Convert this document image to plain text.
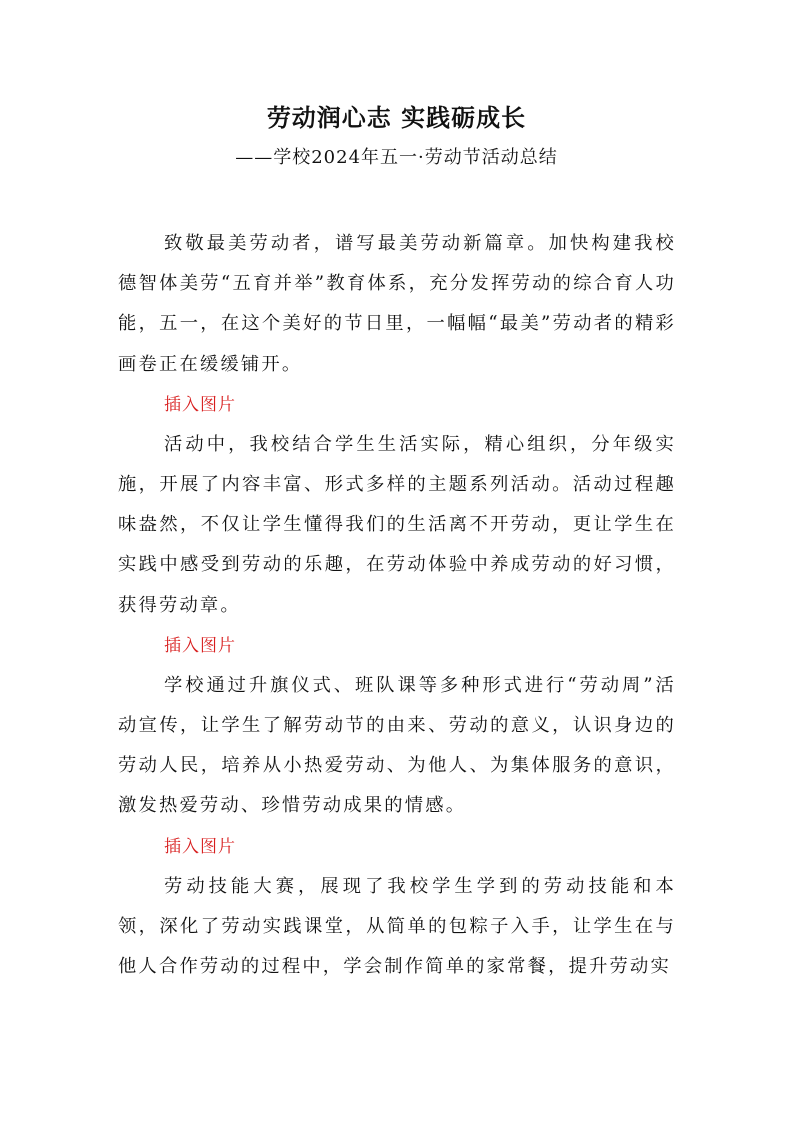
劳动润心志 实践砺成长
——学校2024年五一·劳动节活动总结

致敬最美劳动者，谱写最美劳动新篇章。加快构建我校德智体美劳“五育并举”教育体系，充分发挥劳动的综合育人功能，五一，在这个美好的节日里，一幅幅“最美”劳动者的精彩画卷正在缓缓铺开。

插入图片

活动中，我校结合学生生活实际，精心组织，分年级实施，开展了内容丰富、形式多样的主题系列活动。活动过程趣味盎然，不仅让学生懂得我们的生活离不开劳动，更让学生在实践中感受到劳动的乐趣，在劳动体验中养成劳动的好习惯，获得劳动章。

插入图片

学校通过升旗仪式、班队课等多种形式进行“劳动周”活动宣传，让学生了解劳动节的由来、劳动的意义，认识身边的劳动人民，培养从小热爱劳动、为他人、为集体服务的意识，激发热爱劳动、珍惜劳动成果的情感。

插入图片

劳动技能大赛，展现了我校学生学到的劳动技能和本领，深化了劳动实践课堂，从简单的包粽子入手，让学生在与他人合作劳动的过程中，学会制作简单的家常餐，提升劳动实
